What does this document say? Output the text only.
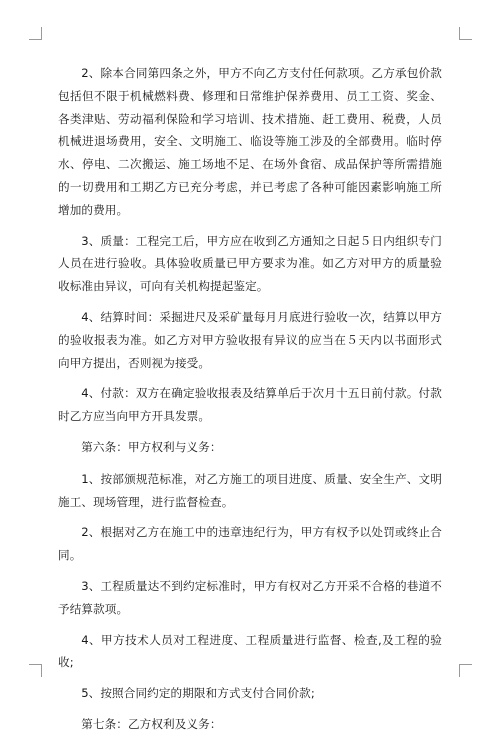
2、除本合同第四条之外，甲方不向乙方支付任何款项。乙方承包价款包括但不限于机械燃料费、修理和日常维护保养费用、员工工资、奖金、各类津贴、劳动福利保险和学习培训、技术措施、赶工费用、税费，人员机械进退场费用，安全、文明施工、临设等施工涉及的全部费用。临时停水、停电、二次搬运、施工场地不足、在场外食宿、成品保护等所需措施的一切费用和工期乙方已充分考虑，并已考虑了各种可能因素影响施工所增加的费用。

3、质量：工程完工后，甲方应在收到乙方通知之日起５日内组织专门人员在进行验收。具体验收质量已甲方要求为准。如乙方对甲方的质量验收标准由异议，可向有关机构提起鉴定。

4、结算时间：采掘进尺及采矿量每月月底进行验收一次，结算以甲方的验收报表为准。如乙方对甲方验收报有异议的应当在５天内以书面形式向甲方提出，否则视为接受。

4、付款：双方在确定验收报表及结算单后于次月十五日前付款。付款时乙方应当向甲方开具发票。

第六条：甲方权利与义务：

1、按部颁规范标准，对乙方施工的项目进度、质量、安全生产、文明施工、现场管理，进行监督检查。

2、根据对乙方在施工中的违章违纪行为，甲方有权予以处罚或终止合同。

3、工程质量达不到约定标准时，甲方有权对乙方开采不合格的巷道不予结算款项。

4、甲方技术人员对工程进度、工程质量进行监督、检查,及工程的验收;

5、按照合同约定的期限和方式支付合同价款;

第七条：乙方权利及义务：
